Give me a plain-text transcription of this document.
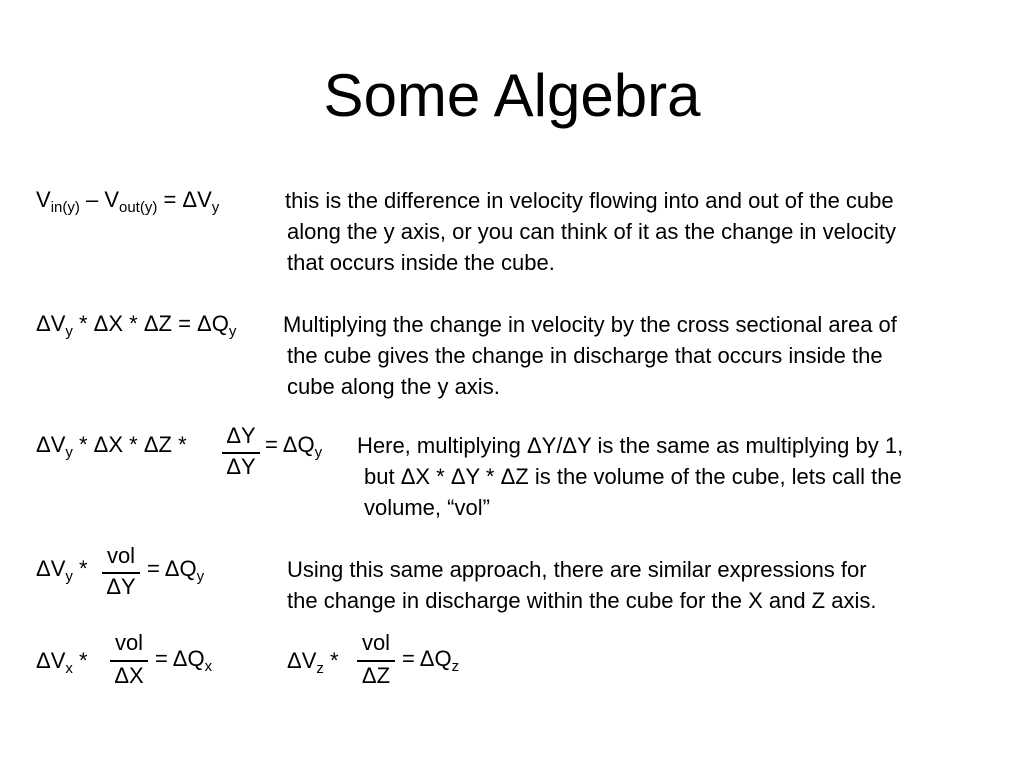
Some Algebra
$V_{in(y)} - V_{out(y)} = \Delta V_y$	this is the difference in velocity flowing into and out of the cube
along the y axis, or you can think of it as the change in velocity
that occurs inside the cube.
$\Delta V_y * \Delta X * \Delta Z = \Delta Q_y$ Multiplying the change in velocity by the cross sectional area of
the cube gives the change in discharge that occurs inside the
cube along the y axis.
$\Delta V_y$ * ΔX * ΔZ * ΔY
ΔY
= $\Delta Q_y$ Here, multiplying ΔY/ΔY is the same as multiplying by 1,
but ΔX * ΔY * ΔZ is the volume of the cube, lets call the
volume, “vol”
$\Delta V_y$ *
vol
ΔY
= $\Delta Q_y$	Using this same approach, there are similar expressions for
the change in discharge within the cube for the X and Z axis.
$\Delta V_x$ *
vol
ΔX
= $\Delta Q_x$	$\Delta V_z$ *
vol
ΔZ
= $\Delta Q_z$
